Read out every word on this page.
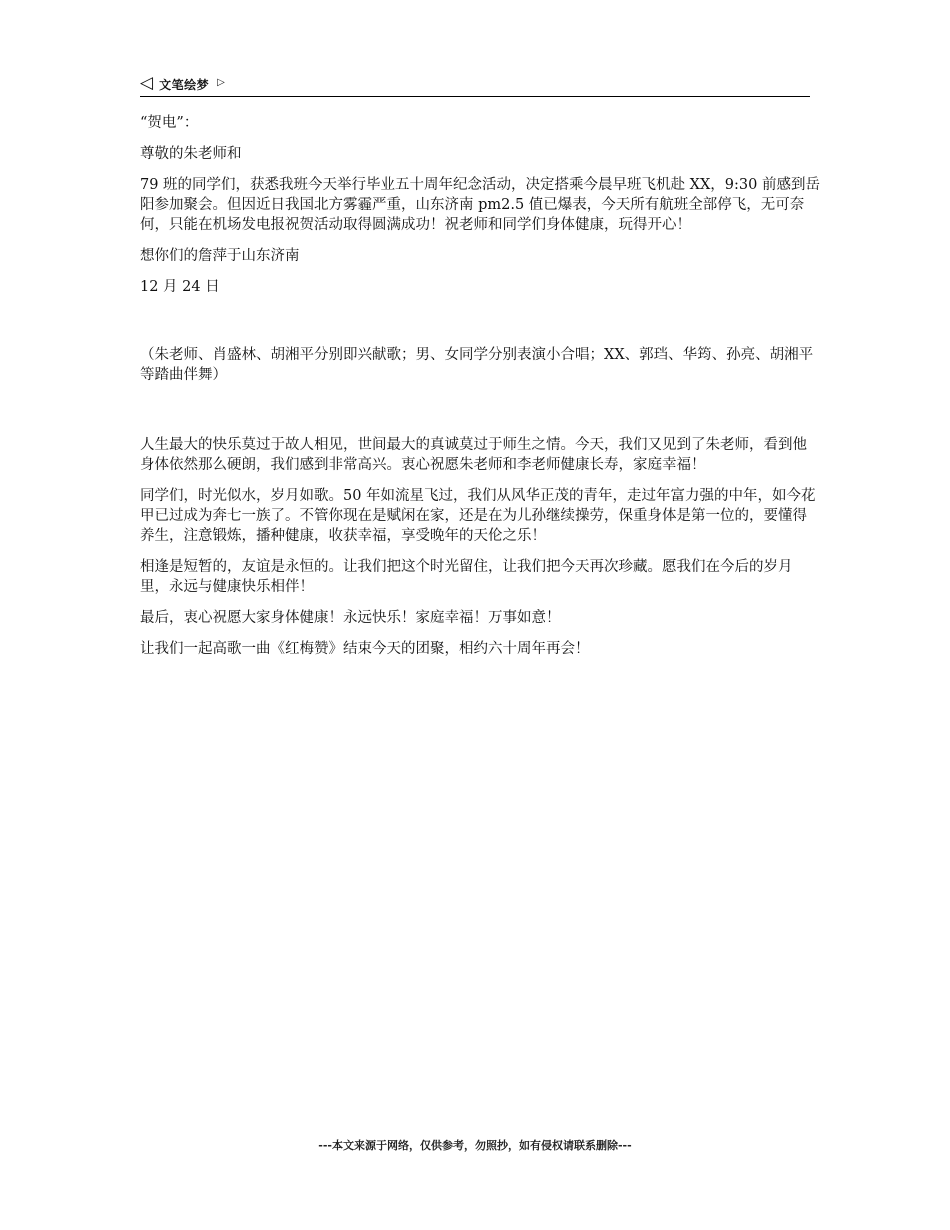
◁ 文笔绘梦 ▷

“贺电”：

尊敬的朱老师和

79 班的同学们，获悉我班今天举行毕业五十周年纪念活动，决定搭乘今晨早班飞机赴 XX，9:30 前感到岳阳参加聚会。但因近日我国北方雾霾严重，山东济南 pm2.5 值已爆表，今天所有航班全部停飞，无可奈何，只能在机场发电报祝贺活动取得圆满成功！祝老师和同学们身体健康，玩得开心！

想你们的詹萍于山东济南

12 月 24 日

（朱老师、肖盛林、胡湘平分别即兴献歌；男、女同学分别表演小合唱；XX、郭珰、华筠、孙亮、胡湘平等踏曲伴舞）

人生最大的快乐莫过于故人相见，世间最大的真诚莫过于师生之情。今天，我们又见到了朱老师，看到他身体依然那么硬朗，我们感到非常高兴。衷心祝愿朱老师和李老师健康长寿，家庭幸福！

同学们，时光似水，岁月如歌。50 年如流星飞过，我们从风华正茂的青年，走过年富力强的中年，如今花甲已过成为奔七一族了。不管你现在是赋闲在家，还是在为儿孙继续操劳，保重身体是第一位的，要懂得养生，注意锻炼，播种健康，收获幸福，享受晚年的天伦之乐！

相逢是短暂的，友谊是永恒的。让我们把这个时光留住，让我们把今天再次珍藏。愿我们在今后的岁月里，永远与健康快乐相伴！

最后，衷心祝愿大家身体健康！永远快乐！家庭幸福！万事如意！

让我们一起高歌一曲《红梅赞》结束今天的团聚，相约六十周年再会！

---本文来源于网络，仅供参考，勿照抄，如有侵权请联系删除---
